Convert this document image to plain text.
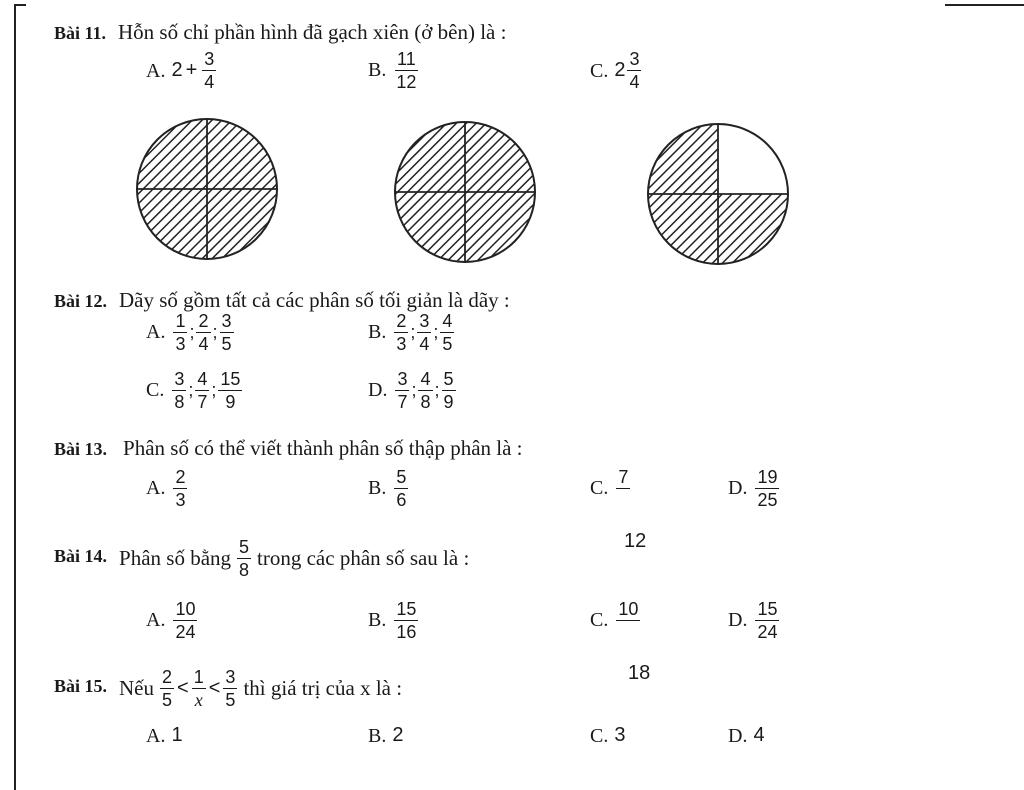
Bài 11. Hỗn số chỉ phần hình đã gạch xiên (ở bên) là :
A. $2 + \frac{3}{4}$	B. $\frac{11}{12}$	C. $2 \frac{3}{4}$
Bài 12. Dãy số gồm tất cả các phân số tối giản là dãy :
A. $\frac{1}{3}$ ; $\frac{2}{4}$ ; $\frac{3}{5}$	B. $\frac{2}{3}$ ; $\frac{3}{4}$ ; $\frac{4}{5}$
C. $\frac{3}{8}$ ; $\frac{4}{7}$ ; $\frac{15}{9}$	D. $\frac{3}{7}$ ; $\frac{4}{8}$ ; $\frac{5}{9}$
Bài 13. Phân số có thể viết thành phân số thập phân là :
A. $\frac{2}{3}$	B. $\frac{5}{6}$	C. 7
12
D. $\frac{19}{25}$
Bài 14. Phân số bằng $\frac{5}{8}$ trong các phân số sau là :
A. $\frac{10}{24}$	B. $\frac{15}{16}$	C. 10
18
D. $\frac{15}{24}$
Bài 15. Nếu $\frac{2}{5} < \frac{1}{x} < \frac{3}{5}$ thì giá trị của x là :
A. 1	B. 2	C. 3	D. 4
